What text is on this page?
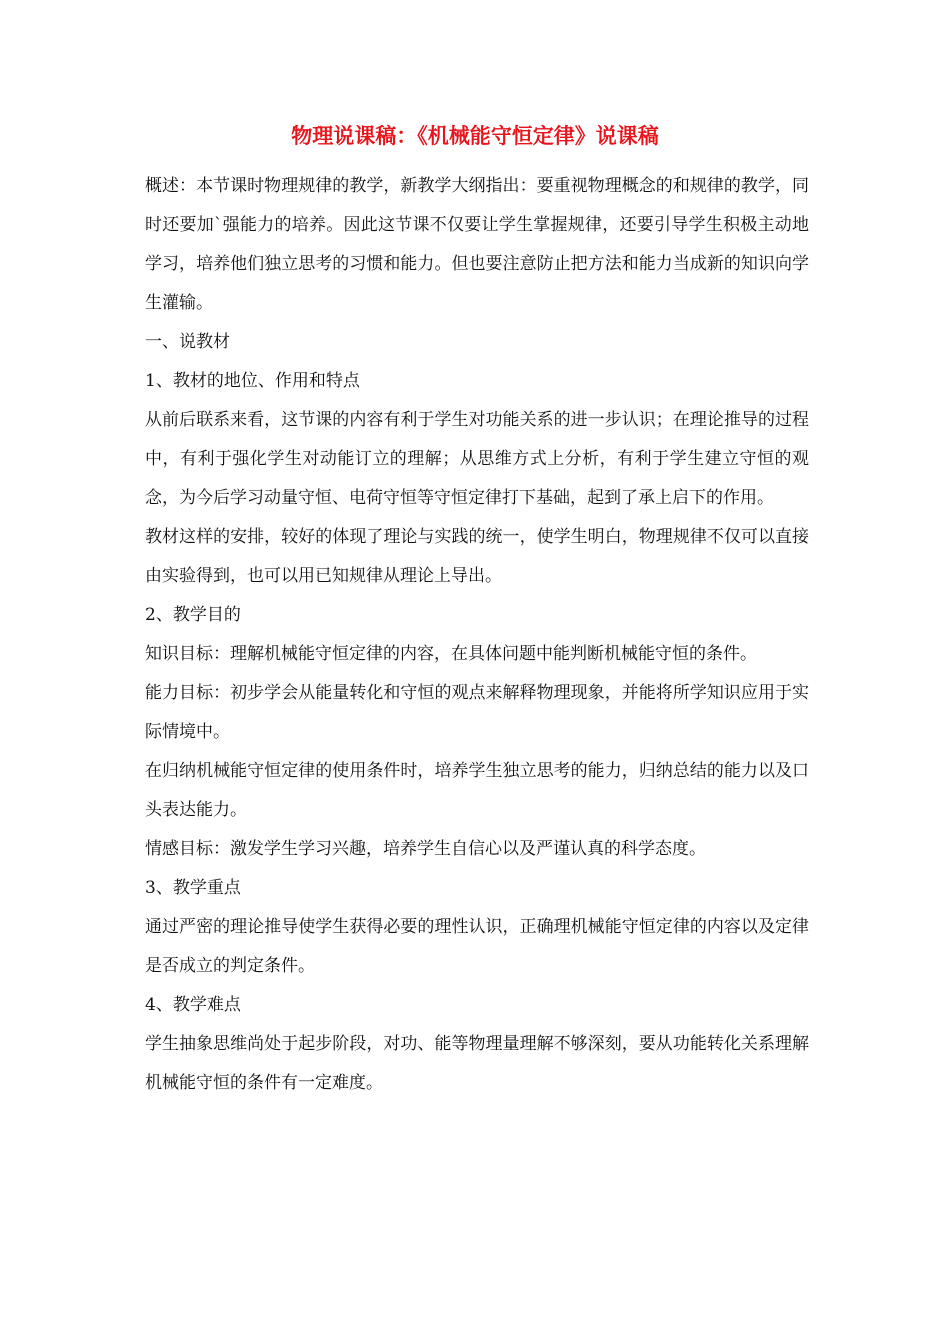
物理说课稿：《机械能守恒定律》说课稿

概述：本节课时物理规律的教学，新教学大纲指出：要重视物理概念的和规律的教学，同时还要加`强能力的培养。因此这节课不仅要让学生掌握规律，还要引导学生积极主动地学习，培养他们独立思考的习惯和能力。但也要注意防止把方法和能力当成新的知识向学生灌输。

一、说教材

1、教材的地位、作用和特点

从前后联系来看，这节课的内容有利于学生对功能关系的进一步认识；在理论推导的过程中，有利于强化学生对动能订立的理解；从思维方式上分析，有利于学生建立守恒的观念，为今后学习动量守恒、电荷守恒等守恒定律打下基础，起到了承上启下的作用。

教材这样的安排，较好的体现了理论与实践的统一，使学生明白，物理规律不仅可以直接由实验得到，也可以用已知规律从理论上导出。

2、教学目的

知识目标：理解机械能守恒定律的内容，在具体问题中能判断机械能守恒的条件。

能力目标：初步学会从能量转化和守恒的观点来解释物理现象，并能将所学知识应用于实际情境中。

在归纳机械能守恒定律的使用条件时，培养学生独立思考的能力，归纳总结的能力以及口头表达能力。

情感目标：激发学生学习兴趣，培养学生自信心以及严谨认真的科学态度。

3、教学重点

通过严密的理论推导使学生获得必要的理性认识，正确理机械能守恒定律的内容以及定律是否成立的判定条件。

4、教学难点

学生抽象思维尚处于起步阶段，对功、能等物理量理解不够深刻，要从功能转化关系理解机械能守恒的条件有一定难度。
